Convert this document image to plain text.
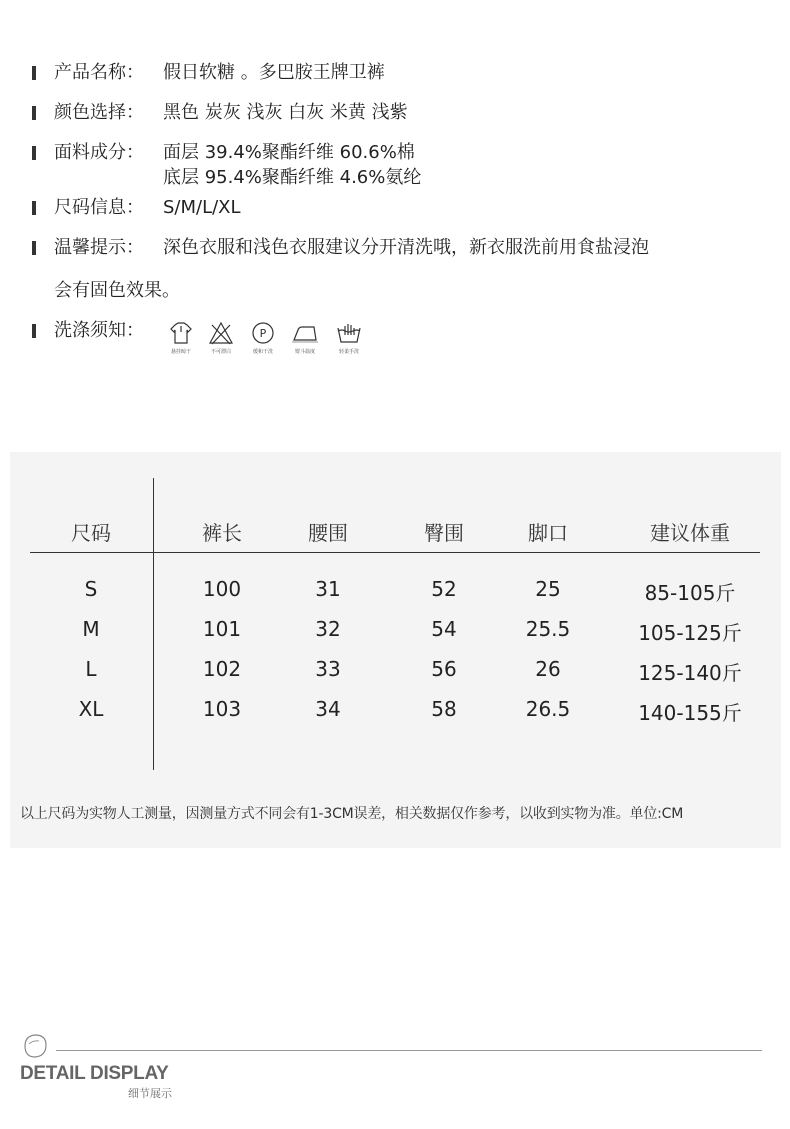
产品名称： 假日软糖 。多巴胺王牌卫裤
颜色选择： 黑色 炭灰 浅灰 白灰 米黄 浅紫
面料成分： 面层 39.4%聚酯纤维 60.6%棉
底层 95.4%聚酯纤维 4.6%氨纶
尺码信息： S/M/L/XL
温馨提示： 深色衣服和浅色衣服建议分开清洗哦，新衣服洗前用食盐浸泡
会有固色效果。
洗涤须知：
悬挂晾干	不可漂白
P
缓和干洗	熨斗温度	轻柔手洗
尺码	裤长	腰围	臀围	脚口	建议体重
S	100	31	52	25	85-105斤
M	101	32	54	25.5	105-125斤
L	102	33	56	26	125-140斤
XL	103	34	58	26.5	140-155斤
以上尺码为实物人工测量，因测量方式不同会有1-3CM误差，相关数据仅作参考，以收到实物为准。单位:CM
DETAIL DISPLAY
细节展示
